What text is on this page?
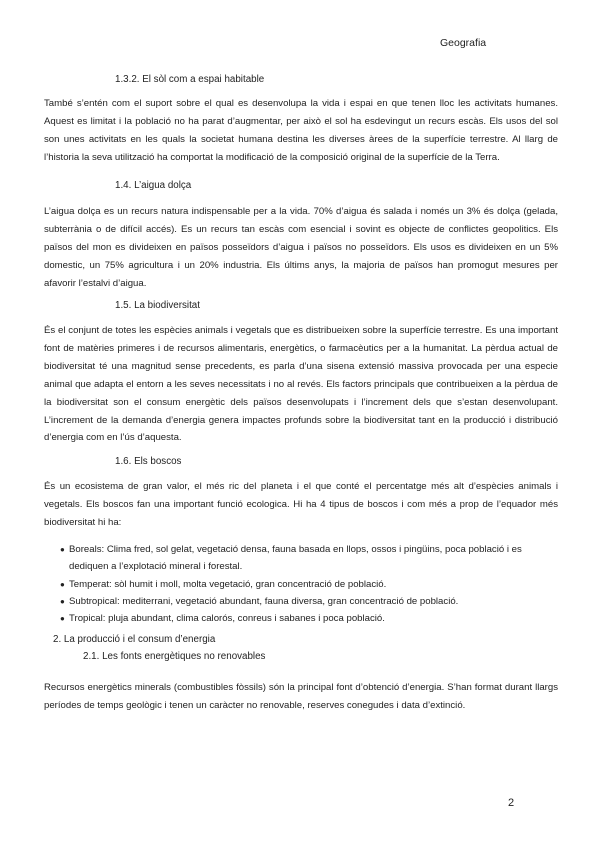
Geografia
1.3.2. El sòl com a espai habitable
També s’entén com el suport sobre el qual es desenvolupa la vida i espai en que tenen lloc les activitats humanes. Aquest es limitat i la població no ha parat d’augmentar, per això el sol ha esdevingut un recurs escàs. Els usos del sol son unes activitats en les quals la societat humana destina les diverses àrees de la superfície terrestre. Al llarg de l’historia la seva utilització ha comportat la modificació de la composició original de la superfície de la Terra.
1.4. L’aigua dolça
L’aigua dolça es un recurs natura indispensable per a la vida. 70% d’aigua és salada i només un 3% és dolça (gelada, subterrània o de difícil accés). Es un recurs tan escàs com esencial i sovint es objecte de conflictes geopolitics. Els països del mon es divideixen en països posseïdors d’aigua i països no posseïdors. Els usos es divideixen en un 5% domestic, un 75% agricultura i un 20% industria. Els últims anys, la majoria de països han promogut mesures per afavorir l’estalvi d’aigua.
1.5. La biodiversitat
És el conjunt de totes les espècies animals i vegetals que es distribueixen sobre la superfície terrestre. Es una important font de matèries primeres i de recursos alimentaris, energètics, o farmacèutics per a la humanitat. La pèrdua actual de biodiversitat té una magnitud sense precedents, es parla d’una sisena extensió massiva provocada per una especie animal que adapta el entorn a les seves necessitats i no al revés. Els factors principals que contribueixen a la pèrdua de la biodiversitat son el consum energètic dels països desenvolupats i l’increment dels que s’estan desenvolupant. L’increment de la demanda d’energia genera impactes profunds sobre la biodiversitat tant en la producció i distribució d’energia com en l’ús d’aquesta.
1.6. Els boscos
És un ecosistema de gran valor, el més ric del planeta i el que conté el percentatge més alt d’espècies animals i vegetals. Els boscos fan una important funció ecologica. Hi ha 4 tipus de boscos i com més a prop de l’equador més biodiversitat hi ha:
● Boreals: Clima fred, sol gelat, vegetació densa, fauna basada en llops, ossos i pingüins, poca població i es dediquen a l’explotació mineral i forestal.
● Temperat: sòl humit i moll, molta vegetació, gran concentració de població.
● Subtropical: mediterrani, vegetació abundant, fauna diversa, gran concentració de població.
● Tropical: pluja abundant, clima calorós, conreus i sabanes i poca població.
2. La producció i el consum d’energia
2.1. Les fonts energètiques no renovables
Recursos energètics minerals (combustibles fòssils) són la principal font d’obtenció d’energia. S’han format durant llargs períodes de temps geològic i tenen un caràcter no renovable, reserves conegudes i data d’extinció.
2
